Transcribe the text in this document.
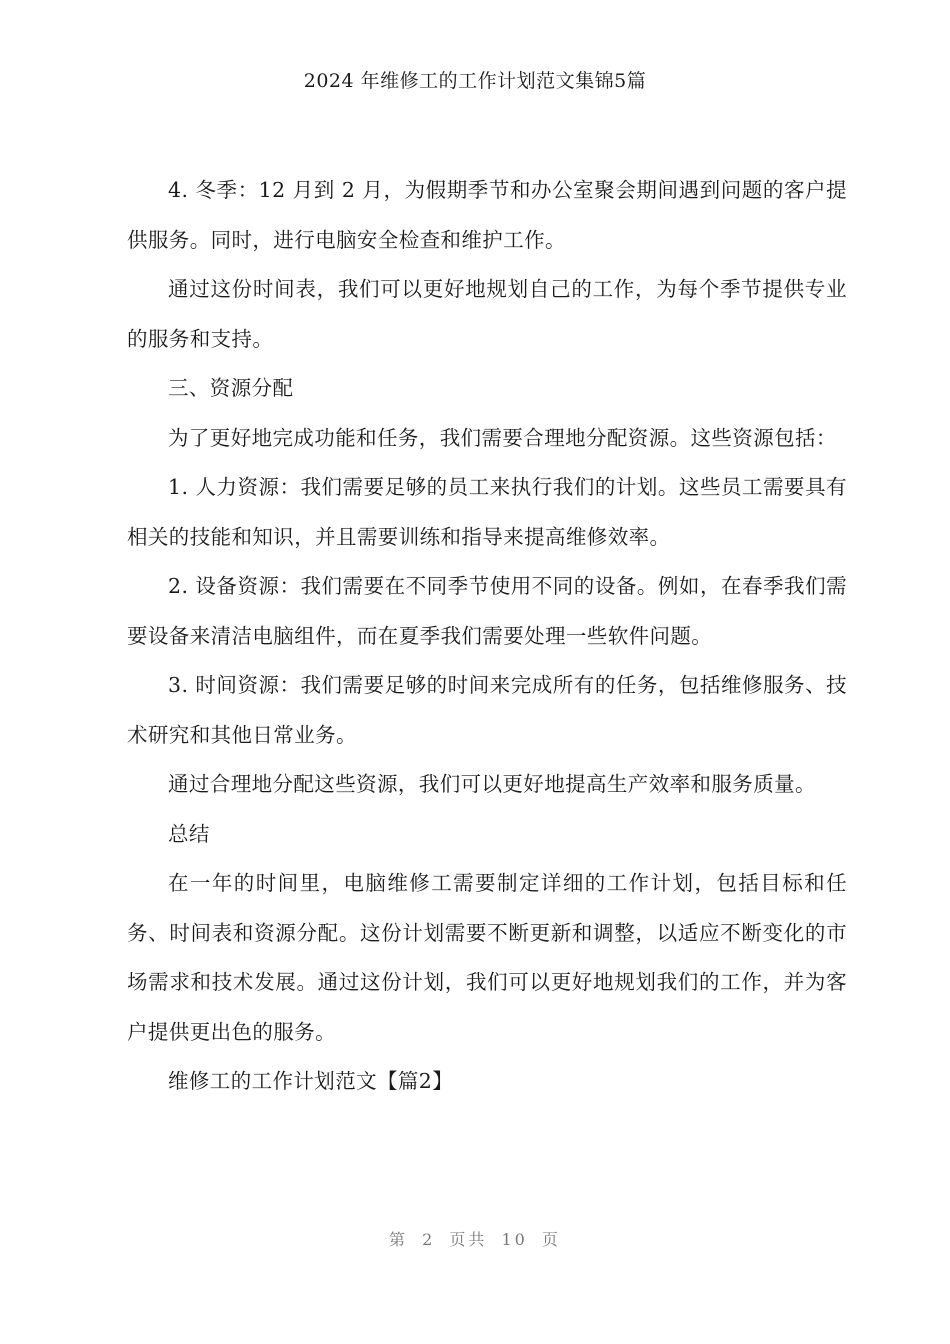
2024 年维修工的工作计划范文集锦5篇

4. 冬季：12 月到 2 月，为假期季节和办公室聚会期间遇到问题的客户提供服务。同时，进行电脑安全检查和维护工作。

通过这份时间表，我们可以更好地规划自己的工作，为每个季节提供专业的服务和支持。

三、资源分配

为了更好地完成功能和任务，我们需要合理地分配资源。这些资源包括：

1. 人力资源：我们需要足够的员工来执行我们的计划。这些员工需要具有相关的技能和知识，并且需要训练和指导来提高维修效率。

2. 设备资源：我们需要在不同季节使用不同的设备。例如，在春季我们需要设备来清洁电脑组件，而在夏季我们需要处理一些软件问题。

3. 时间资源：我们需要足够的时间来完成所有的任务，包括维修服务、技术研究和其他日常业务。

通过合理地分配这些资源，我们可以更好地提高生产效率和服务质量。

总结

在一年的时间里，电脑维修工需要制定详细的工作计划，包括目标和任务、时间表和资源分配。这份计划需要不断更新和调整，以适应不断变化的市场需求和技术发展。通过这份计划，我们可以更好地规划我们的工作，并为客户提供更出色的服务。

维修工的工作计划范文【篇2】

第 2 页共 10 页
